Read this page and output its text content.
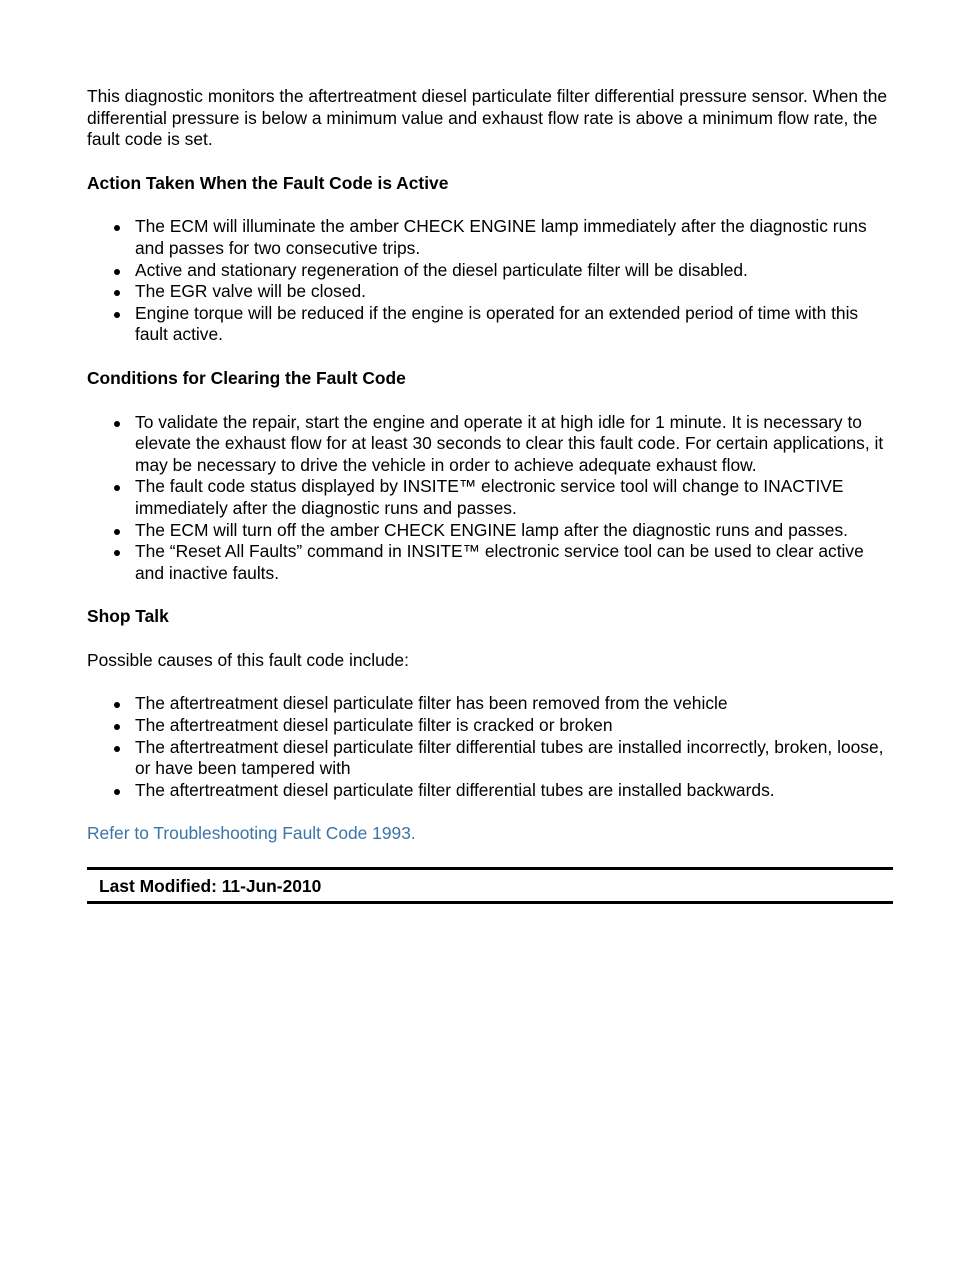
This diagnostic monitors the aftertreatment diesel particulate filter differential pressure sensor. When the differential pressure is below a minimum value and exhaust flow rate is above a minimum flow rate, the fault code is set.

Action Taken When the Fault Code is Active

The ECM will illuminate the amber CHECK ENGINE lamp immediately after the diagnostic runs and passes for two consecutive trips.
Active and stationary regeneration of the diesel particulate filter will be disabled.
The EGR valve will be closed.
Engine torque will be reduced if the engine is operated for an extended period of time with this fault active.

Conditions for Clearing the Fault Code

To validate the repair, start the engine and operate it at high idle for 1 minute. It is necessary to elevate the exhaust flow for at least 30 seconds to clear this fault code. For certain applications, it may be necessary to drive the vehicle in order to achieve adequate exhaust flow.
The fault code status displayed by INSITE™ electronic service tool will change to INACTIVE immediately after the diagnostic runs and passes.
The ECM will turn off the amber CHECK ENGINE lamp after the diagnostic runs and passes.
The “Reset All Faults” command in INSITE™ electronic service tool can be used to clear active and inactive faults.

Shop Talk

Possible causes of this fault code include:

The aftertreatment diesel particulate filter has been removed from the vehicle
The aftertreatment diesel particulate filter is cracked or broken
The aftertreatment diesel particulate filter differential tubes are installed incorrectly, broken, loose, or have been tampered with
The aftertreatment diesel particulate filter differential tubes are installed backwards.

Refer to Troubleshooting Fault Code 1993.

Last Modified: 11-Jun-2010
